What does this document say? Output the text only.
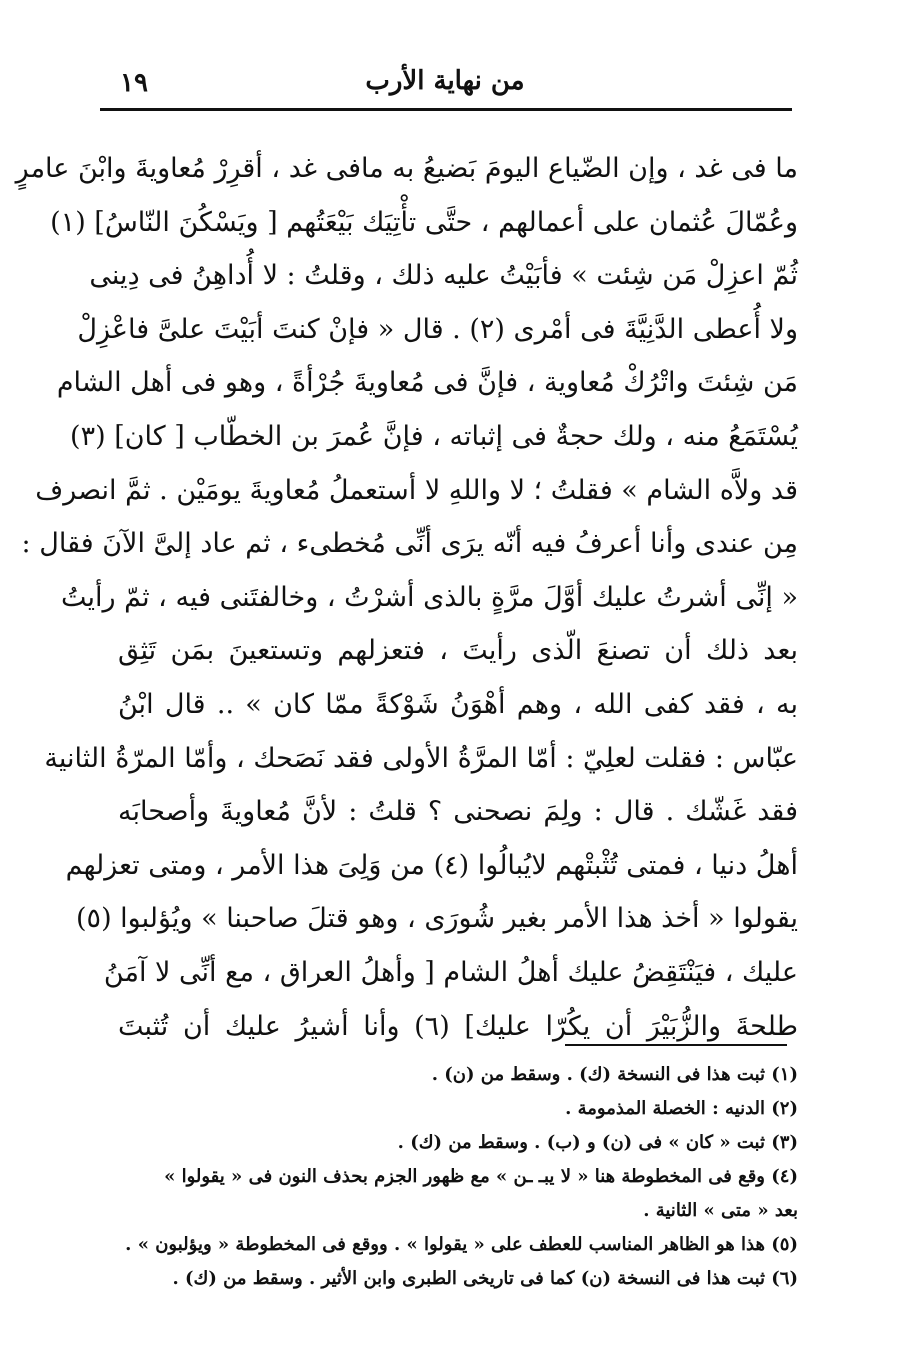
١٩	من نهاية الأرب
ما فى غد ، وإن الضّياع اليومَ بَضيعُ به مافى غد ، أقرِرْ مُعاويةَ وابْنَ عامرٍ
وعُمّالَ عُثمان على أعمالهم ، حتَّى تأْتِيَك بَيْعَتُهم [ ويَسْكُنَ النّاسُ] (١)
ثُمّ اعزِلْ مَن شِئت » فأبَيْتُ عليه ذلك ، وقلتُ : لا أُداهِنُ فى دِينى
ولا أُعطى الدَّنِيَّةَ فى أمْرى (٢) . قال « فإنْ كنتَ أبَيْتَ علىَّ فاعْزِلْ
مَن شِئتَ واتْرُكْ مُعاوية ، فإنَّ فى مُعاويةَ جُرْأةً ، وهو فى أهل الشام
يُسْتَمَعُ منه ، ولك حجةٌ فى إثباته ، فإنَّ عُمرَ بن الخطّاب [ كان] (٣)
قد ولاَّه الشام » فقلتُ ؛ لا واللهِ لا أستعملُ مُعاويةَ يومَيْن . ثمَّ انصرف
مِن عندى وأنا أعرفُ فيه أنّه يرَى أنِّى مُخطىء ، ثم عاد إلىَّ الآنَ فقال :
« إنِّى أشرتُ عليك أوَّلَ مرَّةٍ بالذى أشرْتُ ، وخالفتَنى فيه ، ثمّ رأيتُ
بعد ذلك أن تصنعَ الّذى رأيتَ ، فتعزلهم وتستعينَ بمَن تَثِق
به ، فقد كفى الله ، وهم أهْوَنُ شَوْكةً ممّا كان » .. قال ابْنُ
عبّاس : فقلت لعلِيّ : أمّا المرَّةُ الأولى فقد نَصَحك ، وأمّا المرّةُ الثانية
فقد غَشّك . قال : ولِمَ نصحنى ؟ قلتُ : لأنَّ مُعاويةَ وأصحابَه
أهلُ دنيا ، فمتى تُثْبتْهم لايُبالُوا (٤) من وَلِىَ هذا الأمر ، ومتى تعزلهم
يقولوا « أخذ هذا الأمر بغير شُورَى ، وهو قتلَ صاحبنا » ويُؤلبوا (٥)
عليك ، فيَنْتَقِضُ عليك أهلُ الشام [ وأهلُ العراق ، مع أنِّى لا آمَنُ
طلحةَ والزُّبَيْرَ أن يكُرّا عليك] (٦) وأنا أشيرُ عليك أن تُثبتَ
(١) ثبت هذا فى النسخة (ك) . وسقط من (ن) .
(٢) الدنيه : الخصلة المذمومة .
(٣) ثبت « كان » فى (ن) و (ب) . وسقط من (ك) .
(٤) وقع فى المخطوطة هنا « لا يبـ ـن » مع ظهور الجزم بحذف النون فى « يقولوا »
بعد « متى » الثانية .
(٥) هذا هو الظاهر المناسب للعطف على « يقولوا » . ووقع فى المخطوطة « ويؤلبون » .
(٦) ثبت هذا فى النسخة (ن) كما فى تاريخى الطبرى وابن الأثير . وسقط من (ك) .
